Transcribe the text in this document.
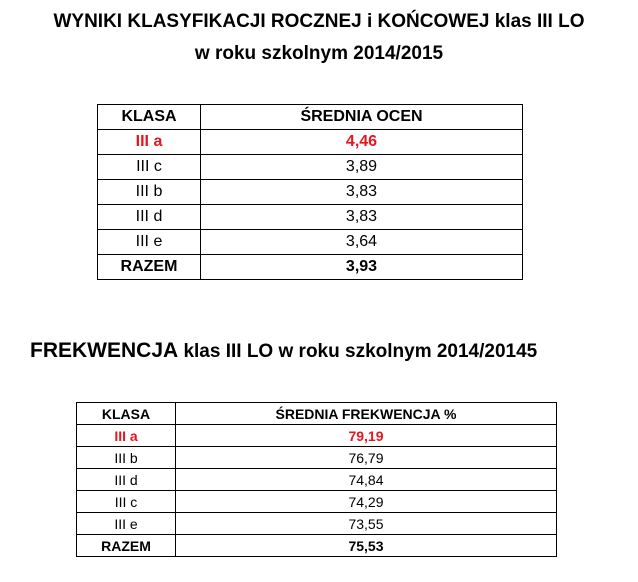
WYNIKI KLASYFIKACJI ROCZNEJ i KOŃCOWEJ klas III LO
w roku szkolnym 2014/2015
KLASA	ŚREDNIA OCEN
III a	4,46
III c	3,89
III b	3,83
III d	3,83
III e	3,64
RAZEM	3,93
FREKWENCJA klas III LO w roku szkolnym 2014/20145
KLASA	ŚREDNIA FREKWENCJA %
III a	79,19
III b	76,79
III d	74,84
III c	74,29
III e	73,55
RAZEM	75,53
